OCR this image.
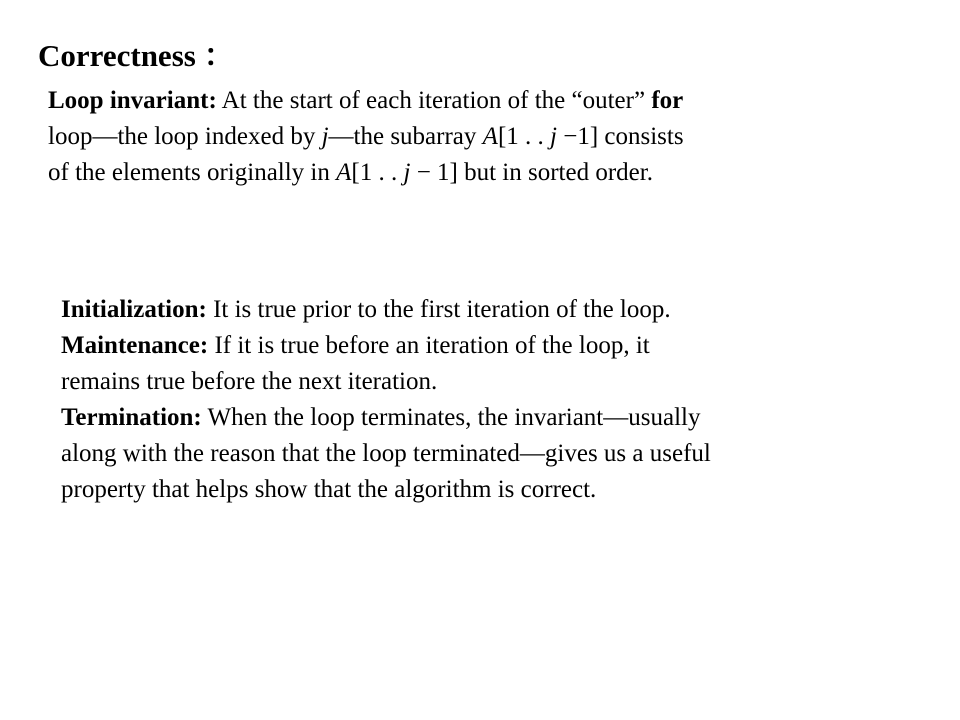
Correctness ：
Loop invariant: At the start of each iteration of the “outer” for
loop—the loop indexed by j—the subarray A[1 . . j −1] consists
of the elements originally in A[1 . . j − 1] but in sorted order.
Initialization: It is true prior to the first iteration of the loop.
Maintenance: If it is true before an iteration of the loop, it
remains true before the next iteration.
Termination: When the loop terminates, the invariant—usually
along with the reason that the loop terminated—gives us a useful
property that helps show that the algorithm is correct.
